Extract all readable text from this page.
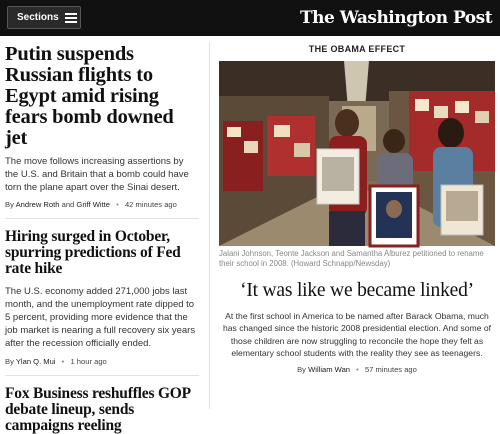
Sections	The Washington Post
Putin suspends Russian flights to Egypt amid rising fears bomb downed jet
The move follows increasing assertions by the U.S. and Britain that a bomb could have torn the plane apart over the Sinai desert.
By Andrew Roth and Griff Witte • 42 minutes ago
Hiring surged in October, spurring predictions of Fed rate hike
The U.S. economy added 271,000 jobs last month, and the unemployment rate dipped to 5 percent, providing more evidence that the job market is nearing a full recovery six years after the recession officially ended.
By Ylan Q. Mui • 1 hour ago
Fox Business reshuffles GOP debate lineup, sends campaigns reeling
THE OBAMA EFFECT
Jalani Johnson, Teonte Jackson and Samantha Alburez petitioned to rename their school in 2008. (Howard Schnapp/Newsday)
‘It was like we became linked’
At the first school in America to be named after Barack Obama, much has changed since the historic 2008 presidential election. And some of those children are now struggling to reconcile the hope they felt as elementary school students with the reality they see as teenagers.
By William Wan • 57 minutes ago
